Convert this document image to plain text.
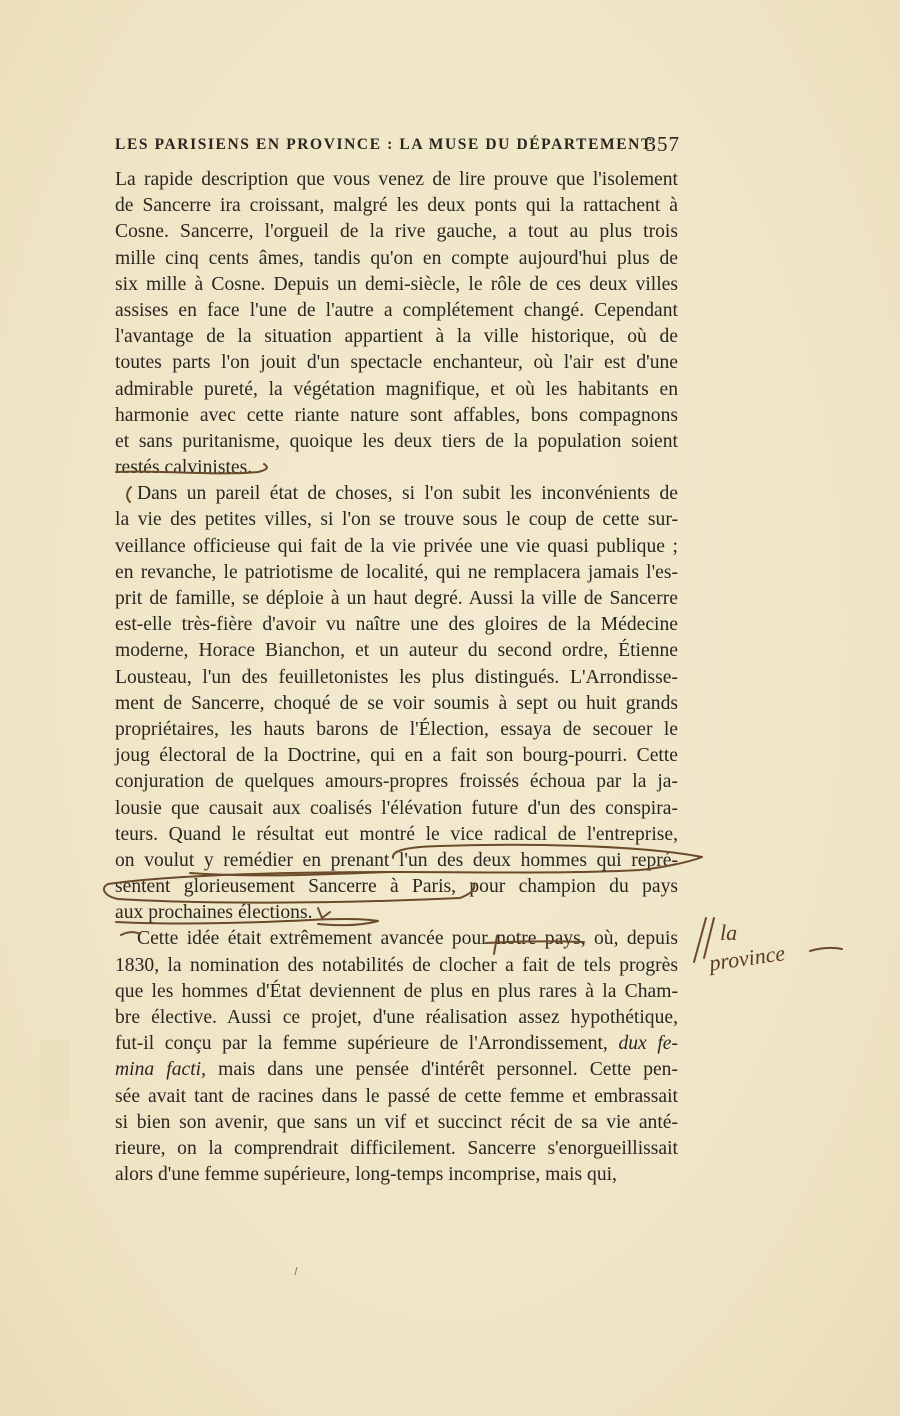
LES PARISIENS EN PROVINCE : LA MUSE DU DÉPARTEMENT.
357
La rapide description que vous venez de lire prouve que l'isolement
de Sancerre ira croissant, malgré les deux ponts qui la rattachent à
Cosne. Sancerre, l'orgueil de la rive gauche, a tout au plus trois
mille cinq cents âmes, tandis qu'on en compte aujourd'hui plus de
six mille à Cosne. Depuis un demi-siècle, le rôle de ces deux villes
assises en face l'une de l'autre a complétement changé. Cependant
l'avantage de la situation appartient à la ville historique, où de
toutes parts l'on jouit d'un spectacle enchanteur, où l'air est d'une
admirable pureté, la végétation magnifique, et où les habitants en
harmonie avec cette riante nature sont affables, bons compagnons
et sans puritanisme, quoique les deux tiers de la population soient
restés calvinistes.
Dans un pareil état de choses, si l'on subit les inconvénients de
la vie des petites villes, si l'on se trouve sous le coup de cette sur-
veillance officieuse qui fait de la vie privée une vie quasi publique ;
en revanche, le patriotisme de localité, qui ne remplacera jamais l'es-
prit de famille, se déploie à un haut degré. Aussi la ville de Sancerre
est-elle très-fière d'avoir vu naître une des gloires de la Médecine
moderne, Horace Bianchon, et un auteur du second ordre, Étienne
Lousteau, l'un des feuilletonistes les plus distingués. L'Arrondisse-
ment de Sancerre, choqué de se voir soumis à sept ou huit grands
propriétaires, les hauts barons de l'Élection, essaya de secouer le
joug électoral de la Doctrine, qui en a fait son bourg-pourri. Cette
conjuration de quelques amours-propres froissés échoua par la ja-
lousie que causait aux coalisés l'élévation future d'un des conspira-
teurs. Quand le résultat eut montré le vice radical de l'entreprise,
on voulut y remédier en prenant l'un des deux hommes qui repré-
sentent glorieusement Sancerre à Paris, pour champion du pays
aux prochaines élections.
Cette idée était extrêmement avancée pour notre pays, où, depuis
1830, la nomination des notabilités de clocher a fait de tels progrès
que les hommes d'État deviennent de plus en plus rares à la Cham-
bre élective. Aussi ce projet, d'une réalisation assez hypothétique,
fut-il conçu par la femme supérieure de l'Arrondissement, dux fe-
mina facti, mais dans une pensée d'intérêt personnel. Cette pen-
sée avait tant de racines dans le passé de cette femme et embrassait
si bien son avenir, que sans un vif et succinct récit de sa vie anté-
rieure, on la comprendrait difficilement. Sancerre s'enorgueillissait
alors d'une femme supérieure, long-temps incomprise, mais qui,
la
province
